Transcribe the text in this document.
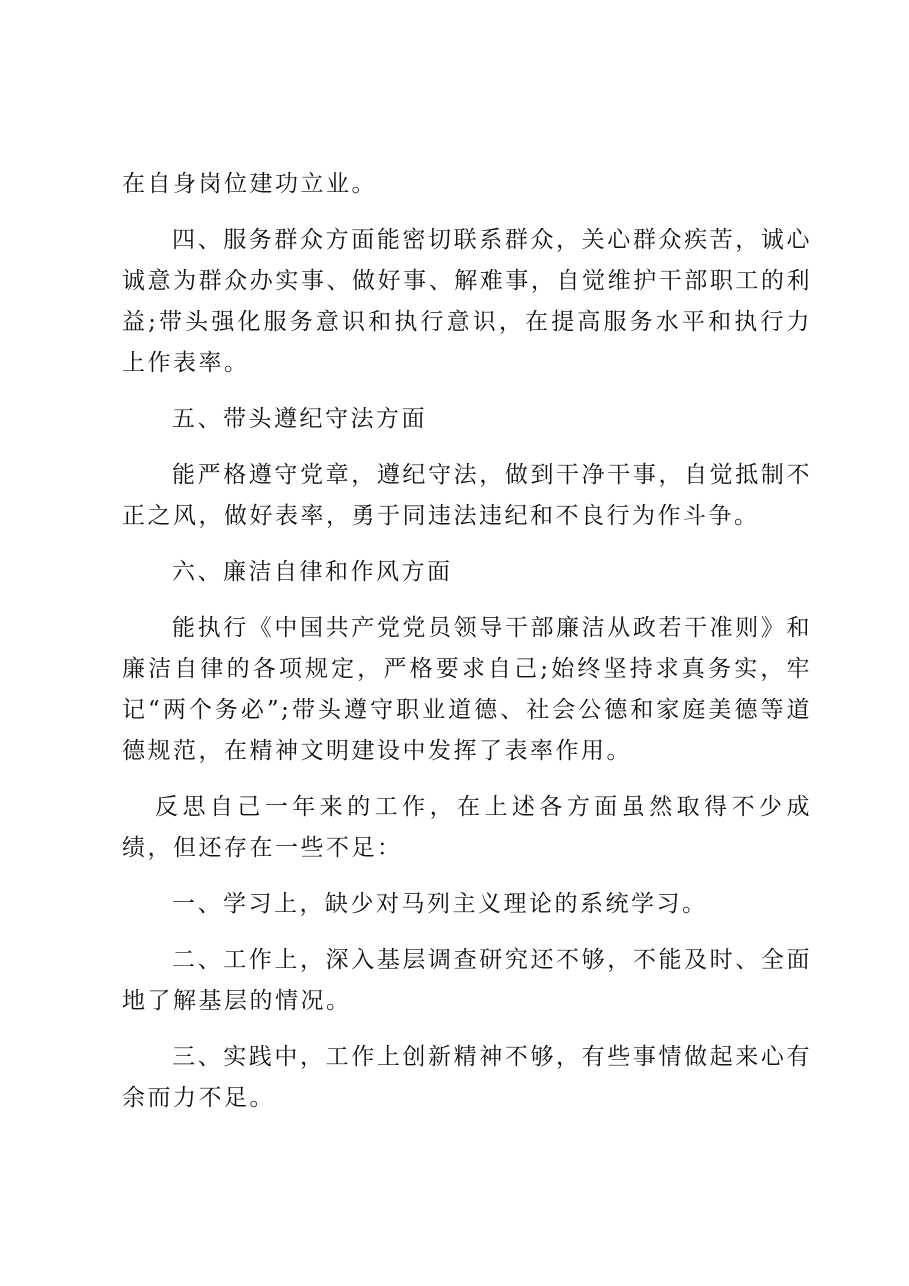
在自身岗位建功立业。

四、服务群众方面能密切联系群众，关心群众疾苦，诚心诚意为群众办实事、做好事、解难事，自觉维护干部职工的利益;带头强化服务意识和执行意识，在提高服务水平和执行力上作表率。

五、带头遵纪守法方面

能严格遵守党章，遵纪守法，做到干净干事，自觉抵制不正之风，做好表率，勇于同违法违纪和不良行为作斗争。

六、廉洁自律和作风方面

能执行《中国共产党党员领导干部廉洁从政若干准则》和廉洁自律的各项规定，严格要求自己;始终坚持求真务实，牢记“两个务必”;带头遵守职业道德、社会公德和家庭美德等道德规范，在精神文明建设中发挥了表率作用。

反思自己一年来的工作，在上述各方面虽然取得不少成绩，但还存在一些不足：

一、学习上，缺少对马列主义理论的系统学习。

二、工作上，深入基层调查研究还不够，不能及时、全面地了解基层的情况。

三、实践中，工作上创新精神不够，有些事情做起来心有余而力不足。
